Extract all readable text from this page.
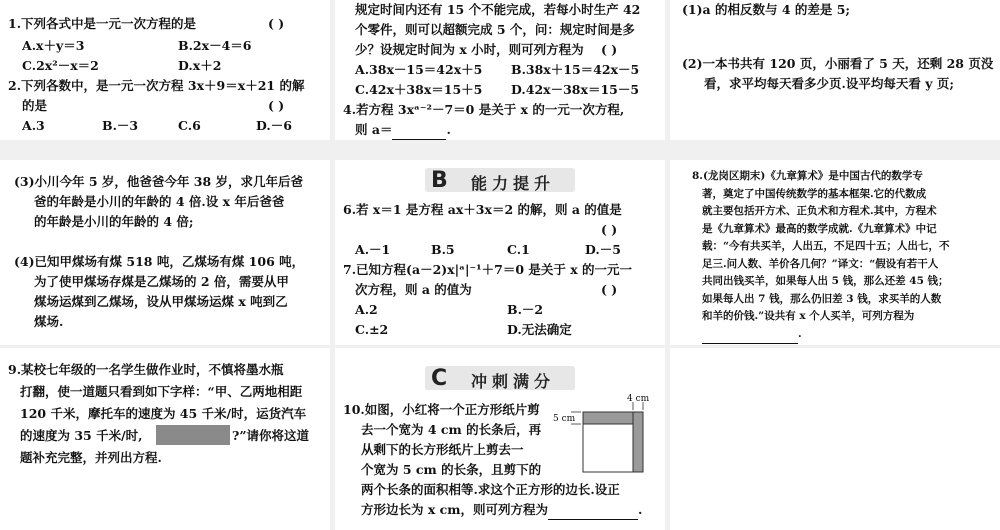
1.下列各式中是一元一次方程的是	( )
A.x＋y＝3	B.2x－4＝6
C.2x²－x＝2	D.x＋2
2.下列各数中，是一元一次方程 3x＋9＝x＋21 的解
的是	( )
A.3	B.－3	C.6	D.－6
规定时间内还有 15 个不能完成，若每小时生产 42
个零件，则可以超额完成 5 个，问：规定时间是多
少？设规定时间为 x 小时，则可列方程为 ( )
A.38x－15＝42x＋5 B.38x＋15＝42x－5
C.42x＋38x＝15＋5 D.42x－38x＝15－5
4.若方程 3xᵃ⁻²－7＝0 是关于 x 的一元一次方程,
则 a＝	.
(1)a 的相反数与 4 的差是 5;
(2)一本书共有 120 页，小丽看了 5 天，还剩 28 页没
看，求平均每天看多少页.设平均每天看 y 页;
(3)小川今年 5 岁，他爸爸今年 38 岁，求几年后爸
爸的年龄是小川的年龄的 4 倍.设 x 年后爸爸
的年龄是小川的年龄的 4 倍;
(4)已知甲煤场有煤 518 吨，乙煤场有煤 106 吨，
为了使甲煤场存煤是乙煤场的 2 倍，需要从甲
煤场运煤到乙煤场，设从甲煤场运煤 x 吨到乙
煤场.
B 能力提升
6.若 x＝1 是方程 ax＋3x＝2 的解，则 a 的值是
( )
A.－1	B.5	C.1	D.－5
7.已知方程(a－2)x|ᵃ|⁻¹＋7＝0 是关于 x 的一元一
次方程，则 a 的值为	( )
A.2	B.－2
C.±2	D.无法确定
8.(龙岗区期末)《九章算术》是中国古代的数学专
著，奠定了中国传统数学的基本框架.它的代数成
就主要包括开方术、正负术和方程术.其中，方程术
是《九章算术》最高的数学成就.《九章算术》中记
载：“今有共买羊，人出五，不足四十五；人出七，不
足三.问人数、羊价各几何？”译文：“假设有若干人
共同出钱买羊，如果每人出 5 钱，那么还差 45 钱；
如果每人出 7 钱，那么仍旧差 3 钱，求买羊的人数
和羊的价钱.”设共有 x 个人买羊，可列方程为
.
9.某校七年级的一名学生做作业时，不慎将墨水瓶
打翻，使一道题只看到如下字样：“甲、乙两地相距
120 千米，摩托车的速度为 45 千米/时，运货汽车
的速度为 35 千米/时,	?”请你将这道
题补充完整，并列出方程.
C 冲刺满分
10.如图，小红将一个正方形纸片剪
去一个宽为 4 cm 的长条后，再
从剩下的长方形纸片上剪去一
个宽为 5 cm 的长条，且剪下的
两个长条的面积相等.求这个正方形的边长.设正
方形边长为 x cm，则可列方程为	.
4 cm
5 cm
